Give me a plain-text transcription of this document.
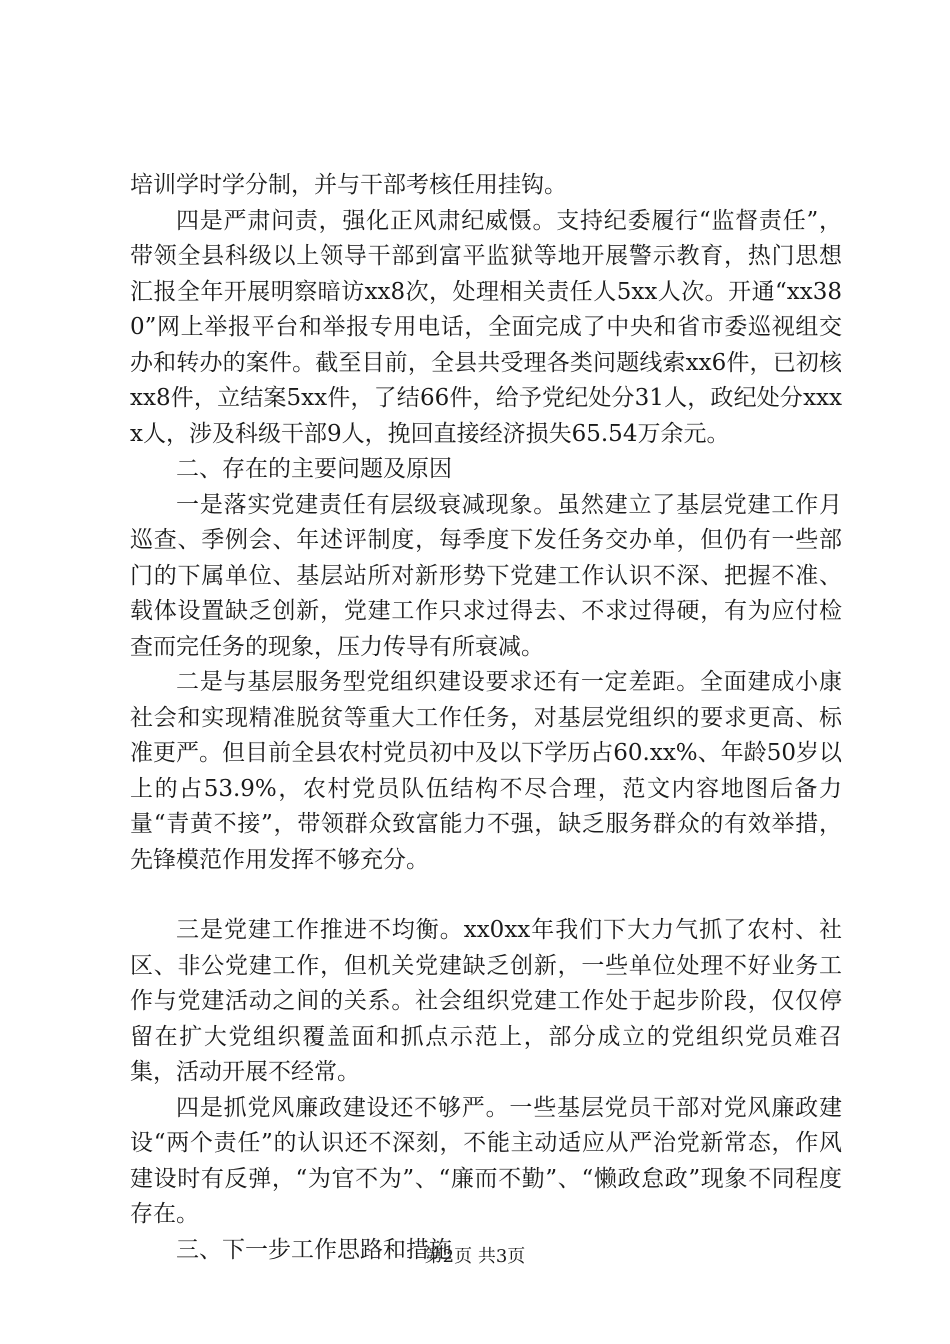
培训学时学分制，并与干部考核任用挂钩。

四是严肃问责，强化正风肃纪威慑。支持纪委履行“监督责任”，带领全县科级以上领导干部到富平监狱等地开展警示教育，热门思想汇报全年开展明察暗访xx8次，处理相关责任人5xx人次。开通“xx380”网上举报平台和举报专用电话，全面完成了中央和省市委巡视组交办和转办的案件。截至目前，全县共受理各类问题线索xx6件，已初核xx8件，立结案5xx件，了结66件，给予党纪处分31人，政纪处分xxxx人，涉及科级干部9人，挽回直接经济损失65.54万余元。

二、存在的主要问题及原因

一是落实党建责任有层级衰减现象。虽然建立了基层党建工作月巡查、季例会、年述评制度，每季度下发任务交办单，但仍有一些部门的下属单位、基层站所对新形势下党建工作认识不深、把握不准、载体设置缺乏创新，党建工作只求过得去、不求过得硬，有为应付检查而完任务的现象，压力传导有所衰减。

二是与基层服务型党组织建设要求还有一定差距。全面建成小康社会和实现精准脱贫等重大工作任务，对基层党组织的要求更高、标准更严。但目前全县农村党员初中及以下学历占60.xx%、年龄50岁以上的占53.9%，农村党员队伍结构不尽合理，范文内容地图后备力量“青黄不接”，带领群众致富能力不强，缺乏服务群众的有效举措，先锋模范作用发挥不够充分。

三是党建工作推进不均衡。xx0xx年我们下大力气抓了农村、社区、非公党建工作，但机关党建缺乏创新，一些单位处理不好业务工作与党建活动之间的关系。社会组织党建工作处于起步阶段，仅仅停留在扩大党组织覆盖面和抓点示范上，部分成立的党组织党员难召集，活动开展不经常。

四是抓党风廉政建设还不够严。一些基层党员干部对党风廉政建设“两个责任”的认识还不深刻，不能主动适应从严治党新常态，作风建设时有反弹，“为官不为”、“廉而不勤”、“懒政怠政”现象不同程度存在。

三、下一步工作思路和措施

第2页 共3页
